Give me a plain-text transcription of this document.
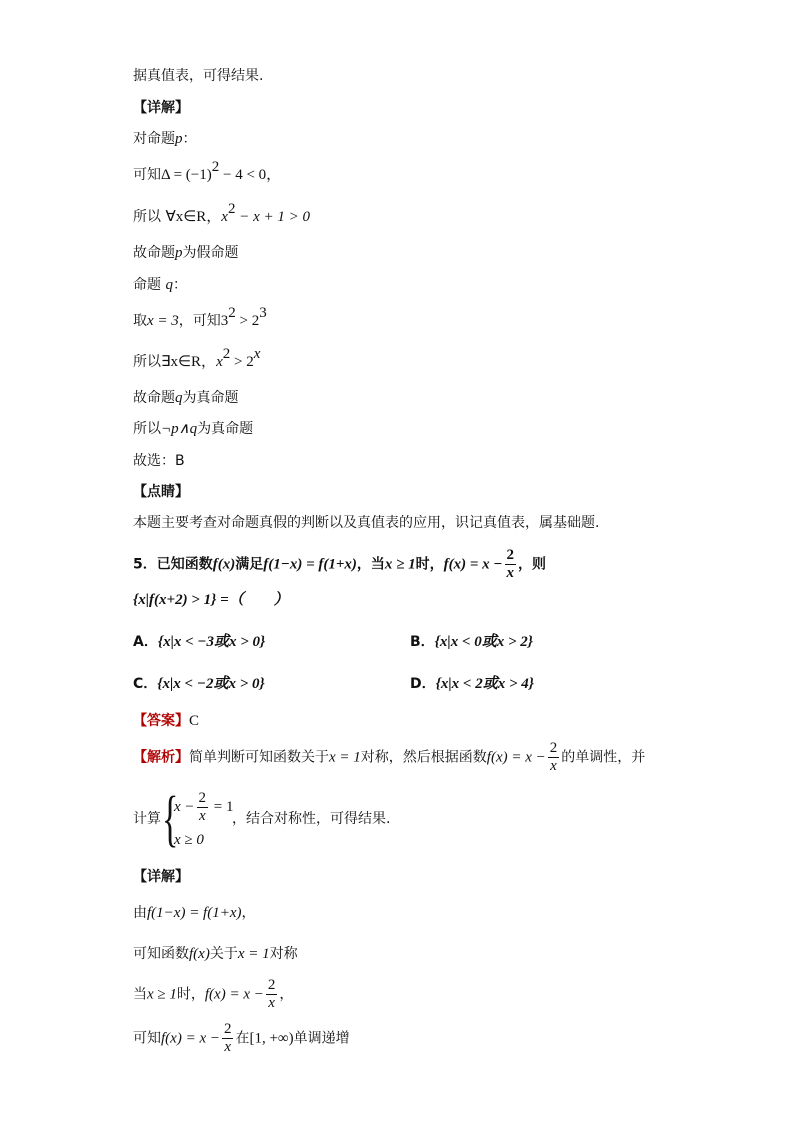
据真值表，可得结果.
【详解】
对命题p：
可知$\Delta = (-1)^2 - 4 < 0$，
所以 ∀x∈R，$x^2 - x + 1 > 0$
故命题p为假命题
命题 q：
取x = 3，可知$3^2 > 2^3$
所以∃x∈R，$x^2 > 2^x$
故命题q为真命题
所以¬p∧q为真命题
故选：B
【点睛】
本题主要考查对命题真假的判断以及真值表的应用，识记真值表，属基础题.
5．已知函数f(x)满足f(1−x) = f(1+x)，当x ≥ 1时，$f(x) = x - \frac{2}{x}$ ，则
{x|f(x+2) > 1} =（　　）
A．{x|x < −3或x > 0}	B．{x|x < 0或x > 2}
C．{x|x < −2或x > 0}	D．{x|x < 2或x > 4}
【答案】C
【解析】简单判断可知函数关于x = 1对称，然后根据函数$f(x) = x - \frac{2}{x}$ 的单调性，并
计算 {
$x - \frac{2}{x} = 1$
x ≥ 0
，结合对称性，可得结果.
【详解】
由f(1−x) = f(1+x)，
可知函数f(x)关于x = 1对称
当x ≥ 1时，$f(x) = x - \frac{2}{x}$ ，
可知$f(x) = x - \frac{2}{x}$ 在[1, +∞)单调递增
